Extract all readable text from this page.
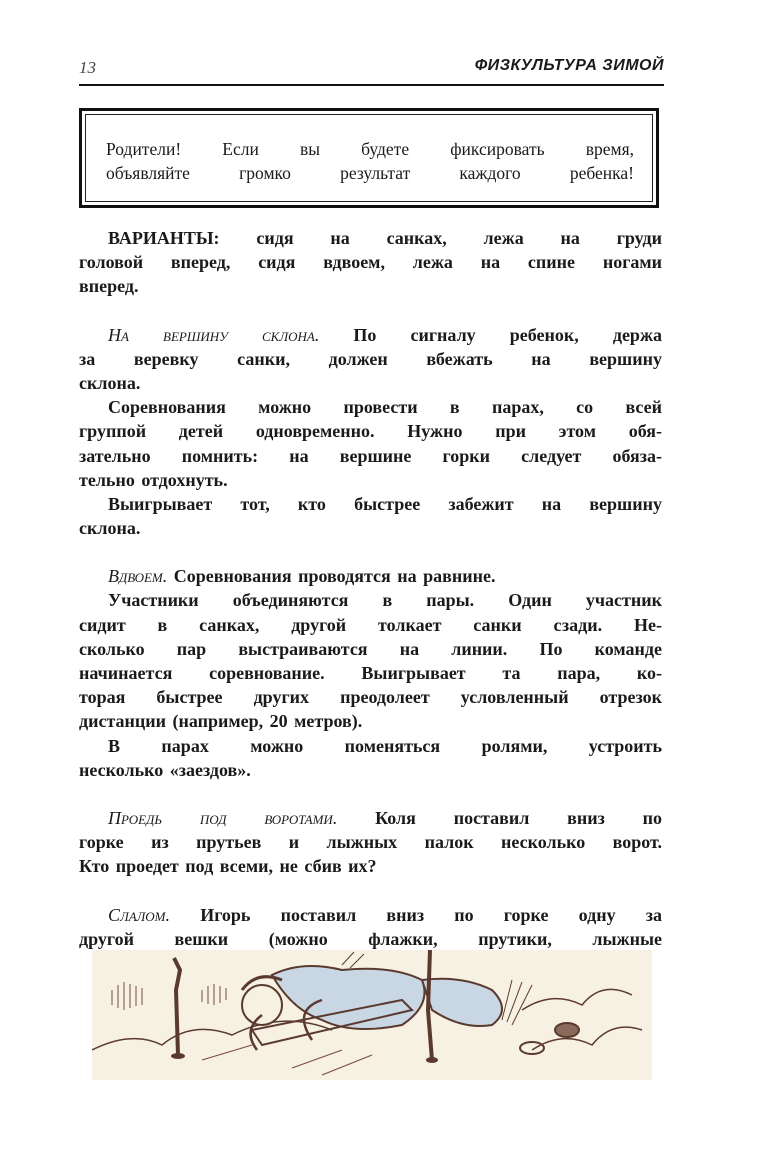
13	ФИЗКУЛЬТУРА ЗИМОЙ
Родители! Если вы будете фиксировать время,
объявляйте громко результат каждого ребенка!
ВАРИАНТЫ: сидя на санках, лежа на груди
головой вперед, сидя вдвоем, лежа на спине ногами
вперед.
На вершину склона. По сигналу ребенок, держа
за веревку санки, должен вбежать на вершину
склона.
Соревнования можно провести в парах, со всей
группой детей одновременно. Нужно при этом обя-
зательно помнить: на вершине горки следует обяза-
тельно отдохнуть.
Выигрывает тот, кто быстрее забежит на вершину
склона.
Вдвоем. Соревнования проводятся на равнине.
Участники объединяются в пары. Один участник
сидит в санках, другой толкает санки сзади. Не-
сколько пар выстраиваются на линии. По команде
начинается соревнование. Выигрывает та пара, ко-
торая быстрее других преодолеет условленный отрезок
дистанции (например, 20 метров).
В парах можно поменяться ролями, устроить
несколько «заездов».
Проедь под воротами. Коля поставил вниз по
горке из прутьев и лыжных палок несколько ворот.
Кто проедет под всеми, не сбив их?
Слалом. Игорь поставил вниз по горке одну за
другой вешки (можно флажки, прутики, лыжные
